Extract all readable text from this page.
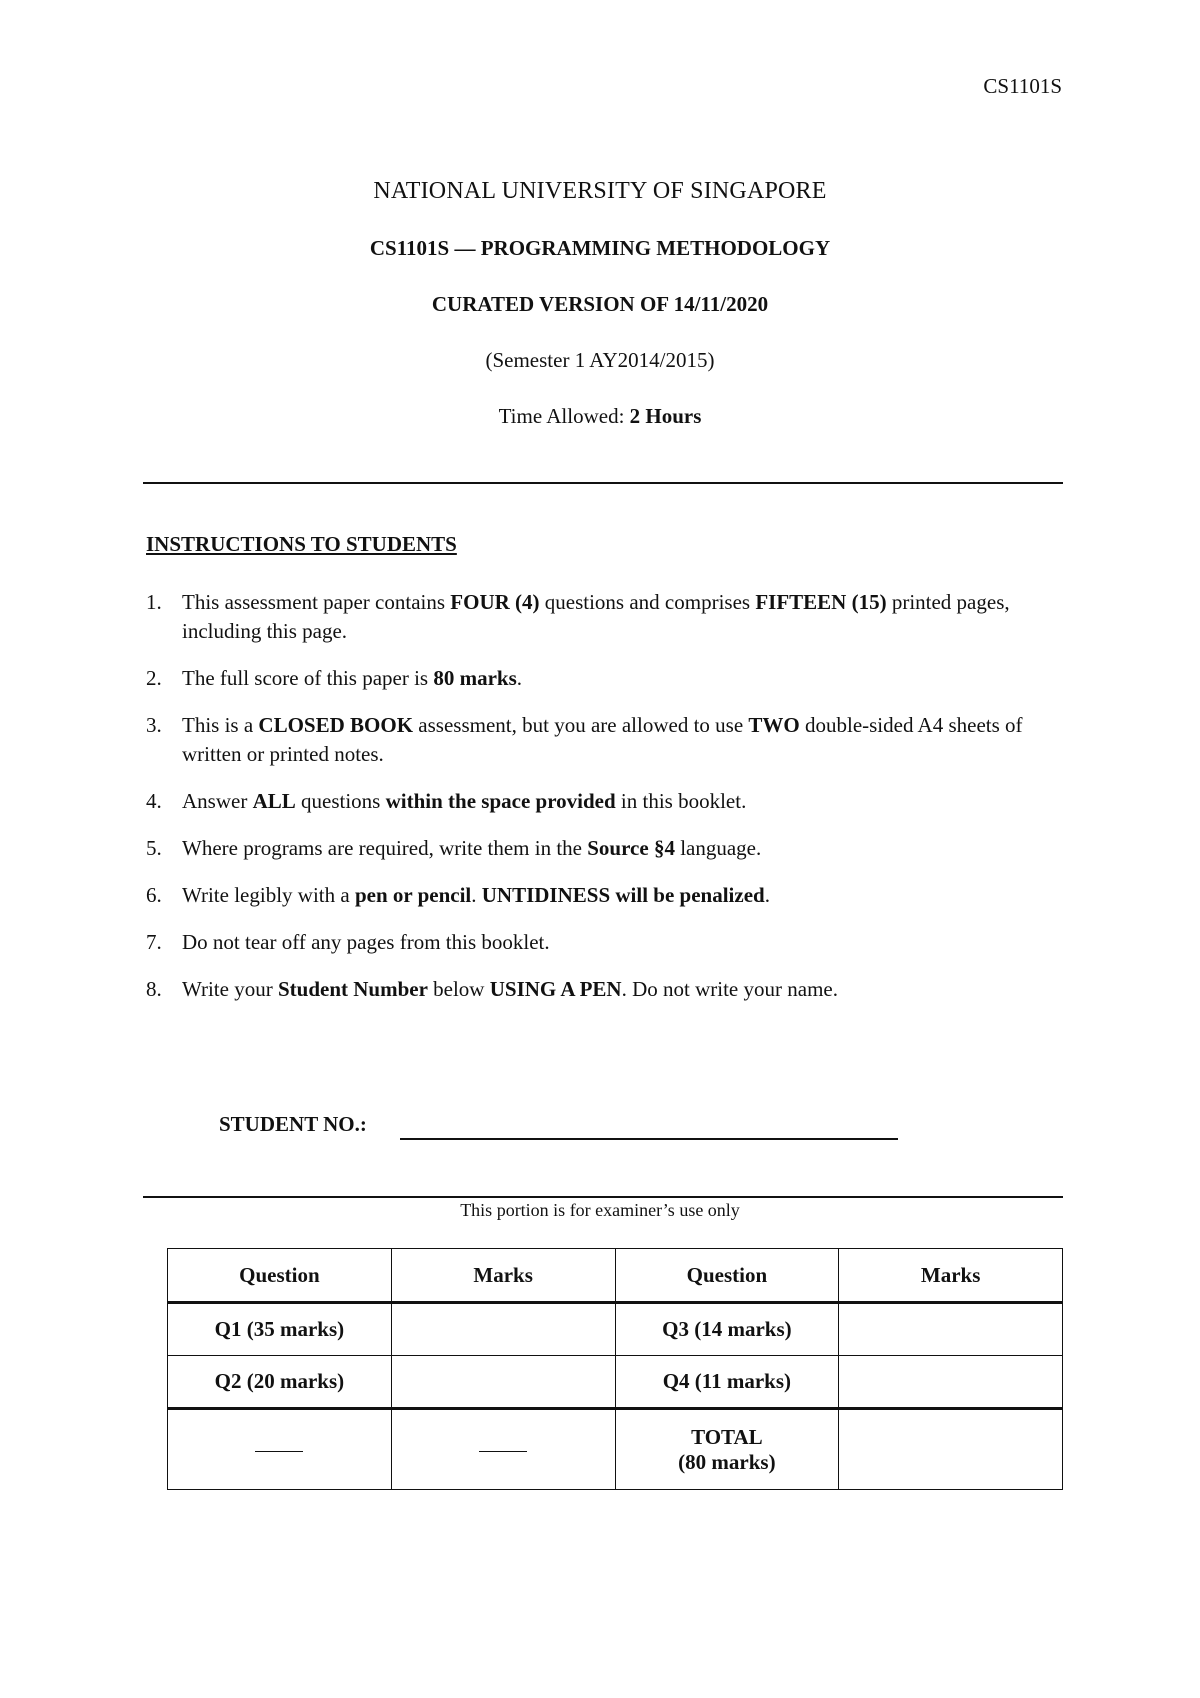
CS1101S
NATIONAL UNIVERSITY OF SINGAPORE
CS1101S — PROGRAMMING METHODOLOGY
CURATED VERSION OF 14/11/2020
(Semester 1 AY2014/2015)
Time Allowed: 2 Hours
INSTRUCTIONS TO STUDENTS
1. This assessment paper contains FOUR (4) questions and comprises FIFTEEN (15) printed pages, including this page.
2. The full score of this paper is 80 marks.
3. This is a CLOSED BOOK assessment, but you are allowed to use TWO double-sided A4 sheets of written or printed notes.
4. Answer ALL questions within the space provided in this booklet.
5. Where programs are required, write them in the Source §4 language.
6. Write legibly with a pen or pencil. UNTIDINESS will be penalized.
7. Do not tear off any pages from this booklet.
8. Write your Student Number below USING A PEN. Do not write your name.
STUDENT NO.:
This portion is for examiner’s use only
Question	Marks	Question	Marks
Q1 (35 marks)		Q3 (14 marks)	
Q2 (20 marks)		Q4 (11 marks)	

		TOTAL
(80 marks)	
